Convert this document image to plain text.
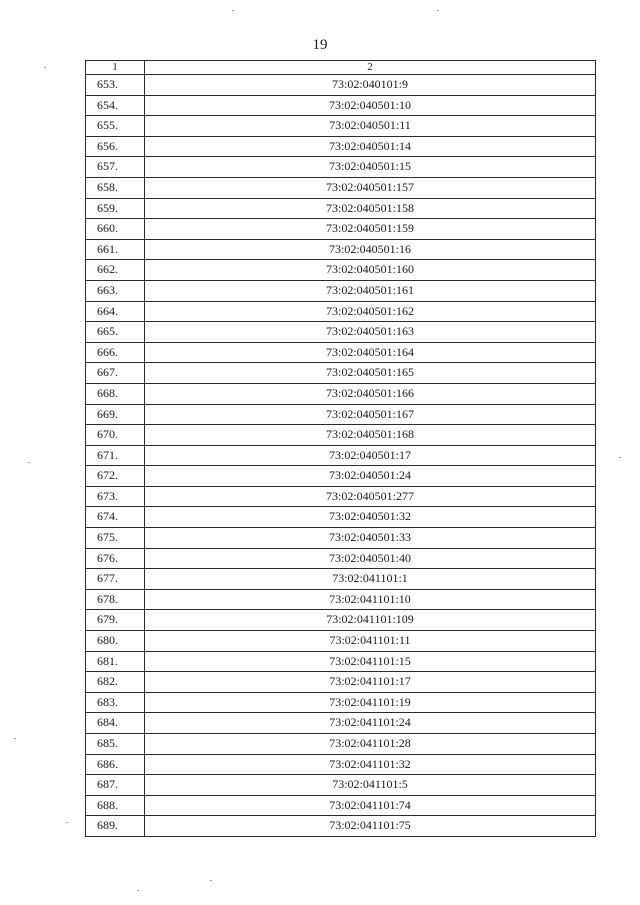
19
1	2
653.	73:02:040101:9
654.	73:02:040501:10
655.	73:02:040501:11
656.	73:02:040501:14
657.	73:02:040501:15
658.	73:02:040501:157
659.	73:02:040501:158
660.	73:02:040501:159
661.	73:02:040501:16
662.	73:02:040501:160
663.	73:02:040501:161
664.	73:02:040501:162
665.	73:02:040501:163
666.	73:02:040501:164
667.	73:02:040501:165
668.	73:02:040501:166
669.	73:02:040501:167
670.	73:02:040501:168
671.	73:02:040501:17
672.	73:02:040501:24
673.	73:02:040501:277
674.	73:02:040501:32
675.	73:02:040501:33
676.	73:02:040501:40
677.	73:02:041101:1
678.	73:02:041101:10
679.	73:02:041101:109
680.	73:02:041101:11
681.	73:02:041101:15
682.	73:02:041101:17
683.	73:02:041101:19
684.	73:02:041101:24
685.	73:02:041101:28
686.	73:02:041101:32
687.	73:02:041101:5
688.	73:02:041101:74
689.	73:02:041101:75
